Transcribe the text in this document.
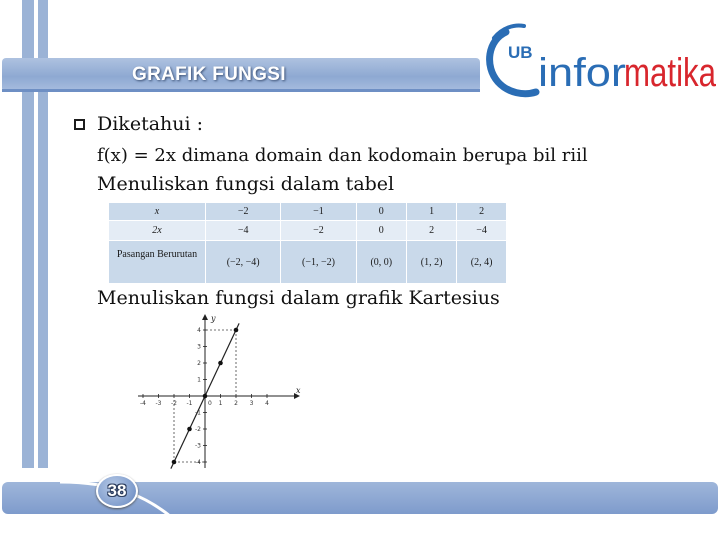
GRAFIK FUNGSI
UB infor
matika
Diketahui :
f(x) = 2x dimana domain dan kodomain berupa bil riil
Menuliskan fungsi dalam tabel
x	−2	−1	0	1	2
2x	−4	−2	0	2	−4

Pasangan Berurutan	(−2, −4)	(−1, −2)	(0, 0)	(1, 2)	(2, 4)
Menuliskan fungsi dalam grafik Kartesius
x
y
-4 -3 -2 -1	1 2 3 4
0
4
3
2
1
-1
-2
-3
-4
38
